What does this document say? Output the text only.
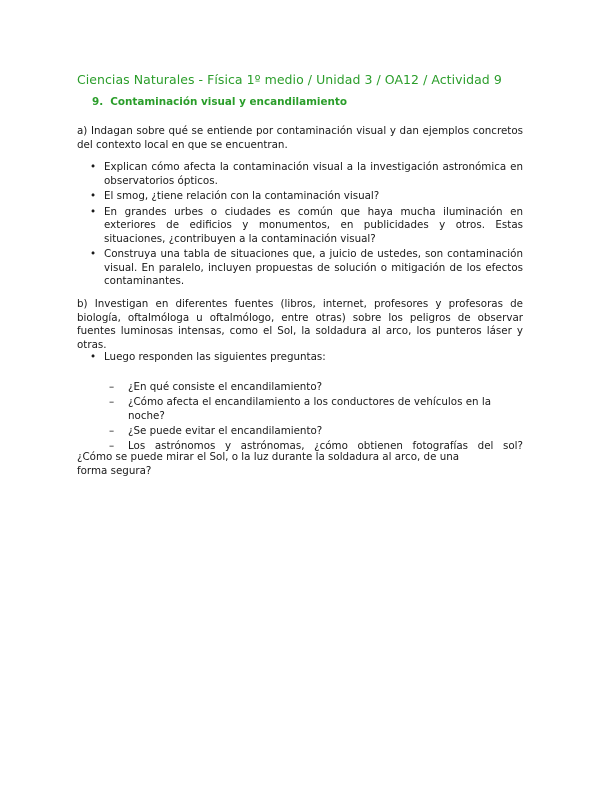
Ciencias Naturales - Física 1º medio / Unidad 3 / OA12 / Actividad 9
9. Contaminación visual y encandilamiento

a) Indagan sobre qué se entiende por contaminación visual y dan ejemplos concretos del contexto local en que se encuentran.

• Explican cómo afecta la contaminación visual a la investigación astronómica en observatorios ópticos.
• El smog, ¿tiene relación con la contaminación visual?
• En grandes urbes o ciudades es común que haya mucha iluminación en exteriores de edificios y monumentos, en publicidades y otros. Estas situaciones, ¿contribuyen a la contaminación visual?
• Construya una tabla de situaciones que, a juicio de ustedes, son contaminación visual. En paralelo, incluyen propuestas de solución o mitigación de los efectos contaminantes.

b) Investigan en diferentes fuentes (libros, internet, profesores y profesoras de biología, oftalmóloga u oftalmólogo, entre otras) sobre los peligros de observar fuentes luminosas intensas, como el Sol, la soldadura al arco, los punteros láser y otras.

• Luego responden las siguientes preguntas:
– ¿En qué consiste el encandilamiento?
– ¿Cómo afecta el encandilamiento a los conductores de vehículos en la noche?
– ¿Se puede evitar el encandilamiento?
– Los astrónomos y astrónomas, ¿cómo obtienen fotografías del sol?

¿Cómo se puede mirar el Sol, o la luz durante la soldadura al arco, de una forma segura?
